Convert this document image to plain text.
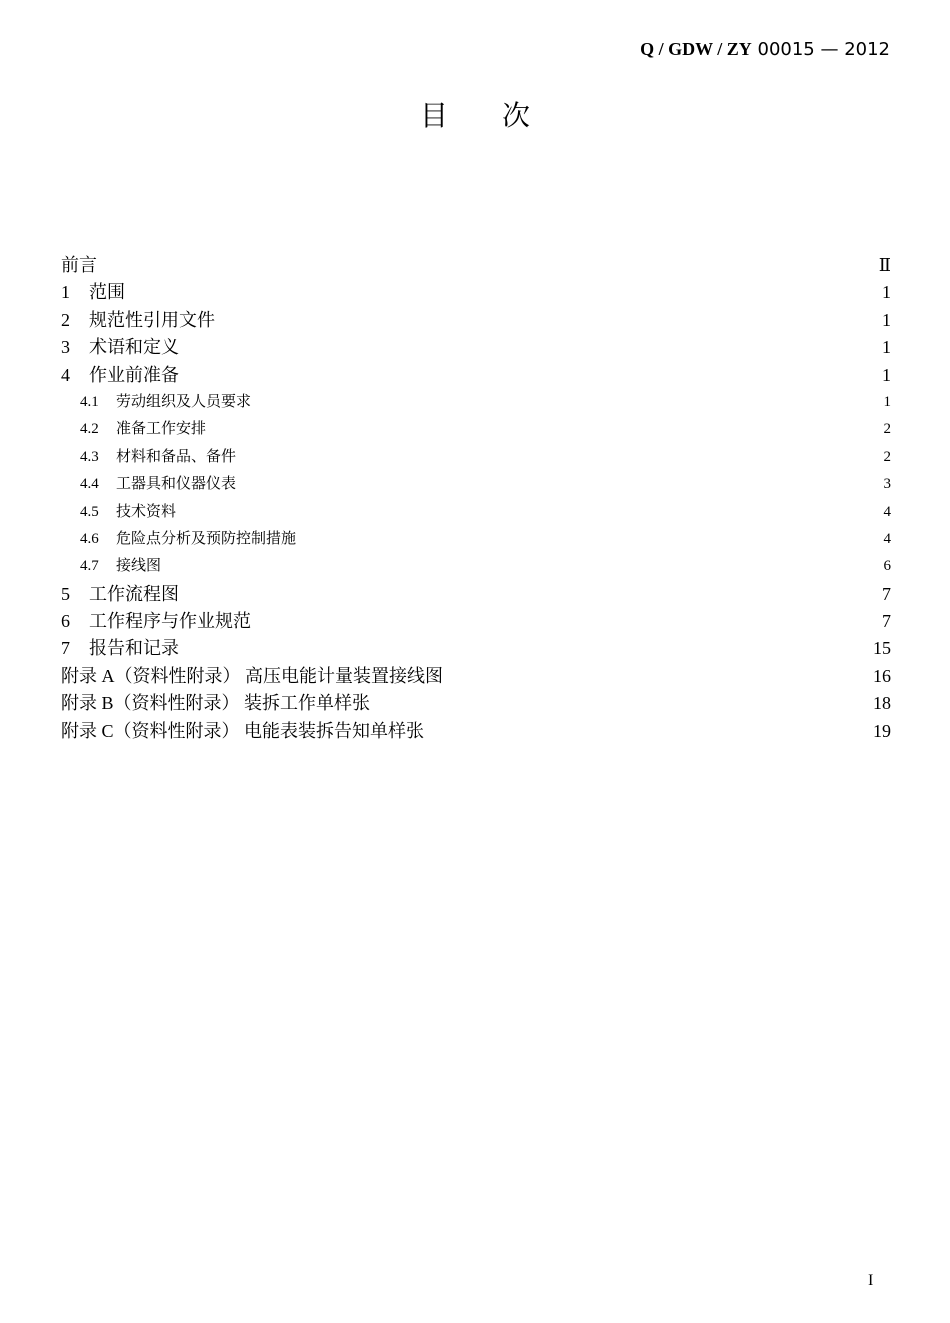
Q / GDW / ZY 00015 — 2012
目次
前言	Ⅱ
1 范围	1
2 规范性引用文件	1
3 术语和定义	1
4 作业前准备	1
4.1 劳动组织及人员要求	1
4.2 准备工作安排	2
4.3 材料和备品、备件	2
4.4 工器具和仪器仪表	3
4.5 技术资料	4
4.6 危险点分析及预防控制措施	4
4.7 接线图	6
5 工作流程图	7
6 工作程序与作业规范	7
7 报告和记录	15
附录 A（资料性附录） 高压电能计量装置接线图	16
附录 B（资料性附录） 装拆工作单样张	18
附录 C（资料性附录） 电能表装拆告知单样张	19
I
